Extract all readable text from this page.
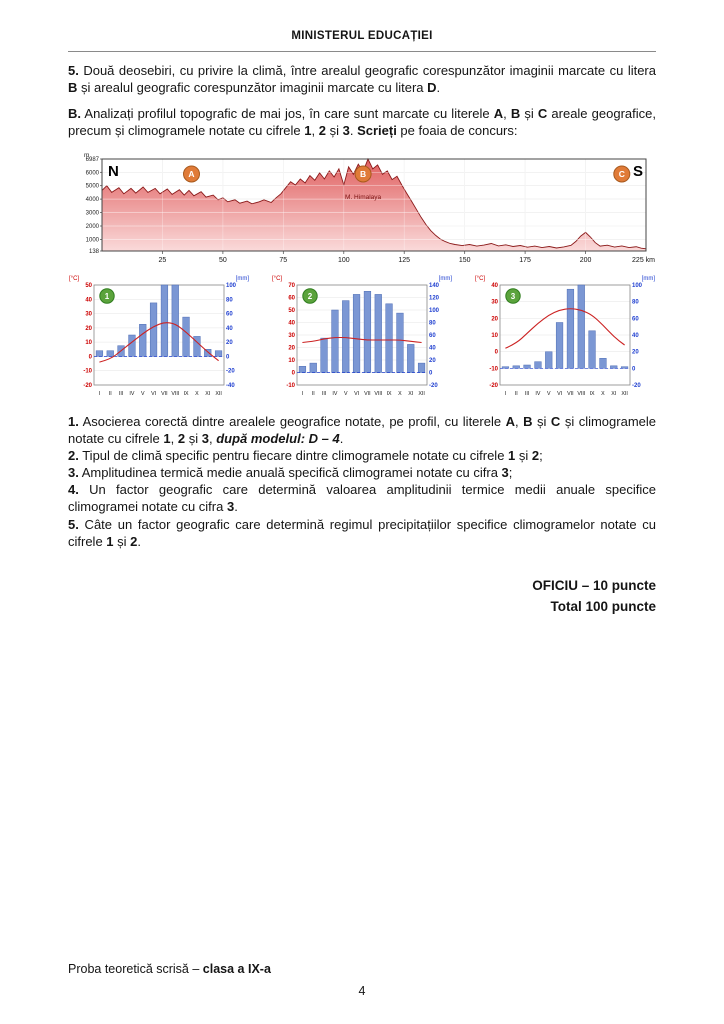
MINISTERUL EDUCAȚIEI

5. Două deosebiri, cu privire la climă, între arealul geografic corespunzător imaginii marcate cu litera B și arealul geografic corespunzător imaginii marcate cu litera D.

B. Analizați profilul topografic de mai jos, în care sunt marcate cu literele A, B și C areale geografice, precum și climogramele notate cu cifrele 1, 2 și 3. Scrieți pe foaia de concurs:

m
6987
6000
5000
4000
3000
2000
1000
138
25	50	75	100	125	150	175	200	225 km
N	S
M. Himalaya
A	B	C
50
40
30
20
10
0
-10
-20
100
80
60
40
20
0
-20
-40
I II III IV V VI VII VIII IX X XI XII
[°C]	[mm]
1
70
60
50
40
30
20
10
0
-10
140
120
100
80
60
40
20
0
-20
I II III IV V VI VII VIII IX X XI XII
[°C]	[mm]
2
40
30
20
10
0
-10
-20
100
80
60
40
20
0
-20
I II III IV V VI VII VIII IX X XI XII
[°C]	[mm]
3

1. Asocierea corectă dintre arealele geografice notate, pe profil, cu literele A, B și C și climogramele notate cu cifrele 1, 2 și 3, după modelul: D – 4.

2. Tipul de climă specific pentru fiecare dintre climogramele notate cu cifrele 1 și 2;

3. Amplitudinea termică medie anuală specifică climogramei notate cu cifra 3;

4. Un factor geografic care determină valoarea amplitudinii termice medii anuale specifice climogramei notate cu cifra 3.

5. Câte un factor geografic care determină regimul precipitațiilor specifice climogramelor notate cu cifrele 1 și 2.

OFICIU – 10 puncte
Total 100 puncte
Proba teoretică scrisă – clasa a IX-a
4
